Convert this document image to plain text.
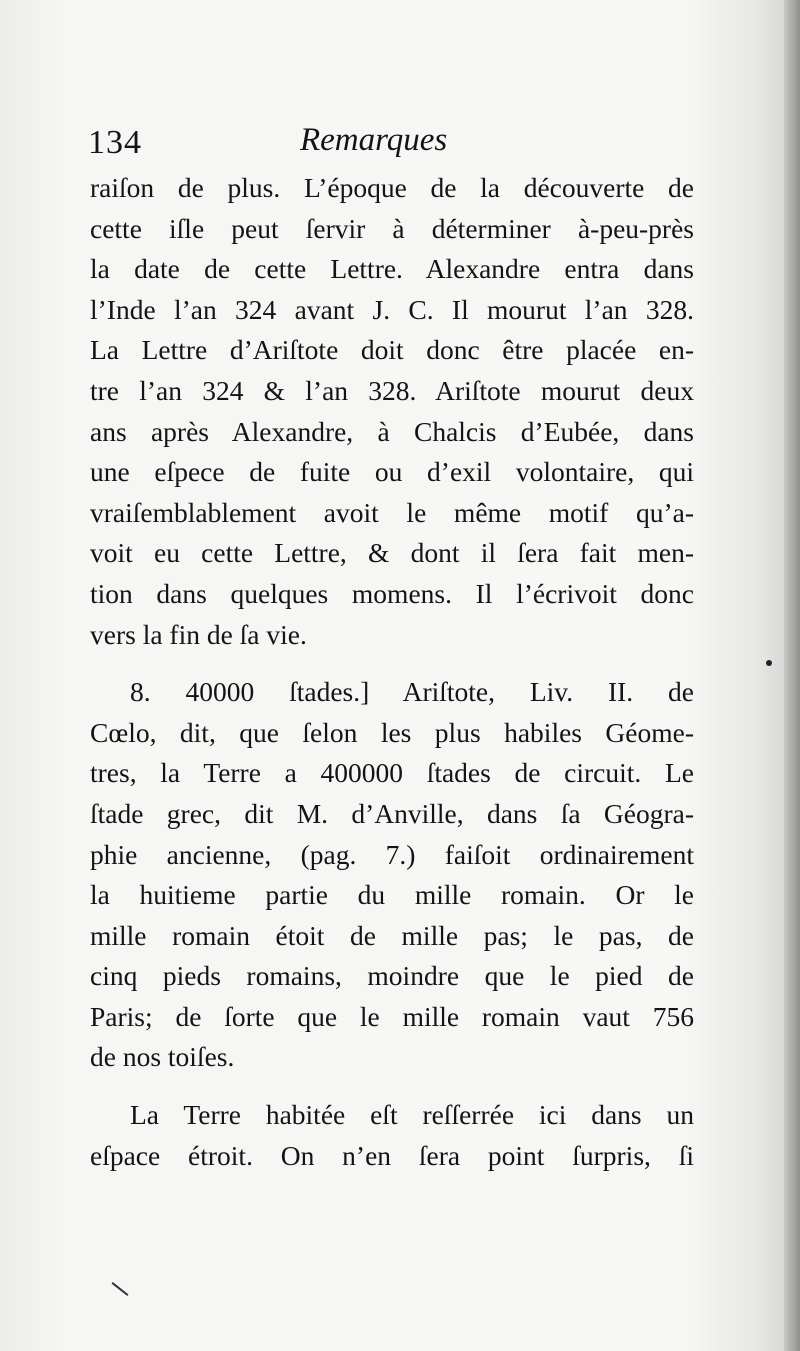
134	Remarques
raiſon de plus. L’époque de la découverte de
cette iſle peut ſervir à déterminer à-peu-près
la date de cette Lettre. Alexandre entra dans
l’Inde l’an 324 avant J. C. Il mourut l’an 328.
La Lettre d’Ariſtote doit donc être placée en-
tre l’an 324 & l’an 328. Ariſtote mourut deux
ans après Alexandre, à Chalcis d’Eubée, dans
une eſpece de fuite ou d’exil volontaire, qui
vraiſemblablement avoit le même motif qu’a-
voit eu cette Lettre, & dont il ſera fait men-
tion dans quelques momens. Il l’écrivoit donc
vers la fin de ſa vie.
8. 40000 ſtades.] Ariſtote, Liv. II. de
Cœlo, dit, que ſelon les plus habiles Géome-
tres, la Terre a 400000 ſtades de circuit. Le
ſtade grec, dit M. d’Anville, dans ſa Géogra-
phie ancienne, (pag. 7.) faiſoit ordinairement
la huitieme partie du mille romain. Or le
mille romain étoit de mille pas; le pas, de
cinq pieds romains, moindre que le pied de
Paris; de ſorte que le mille romain vaut 756
de nos toiſes.
La Terre habitée eſt reſſerrée ici dans un
eſpace étroit. On n’en ſera point ſurpris, ſi
